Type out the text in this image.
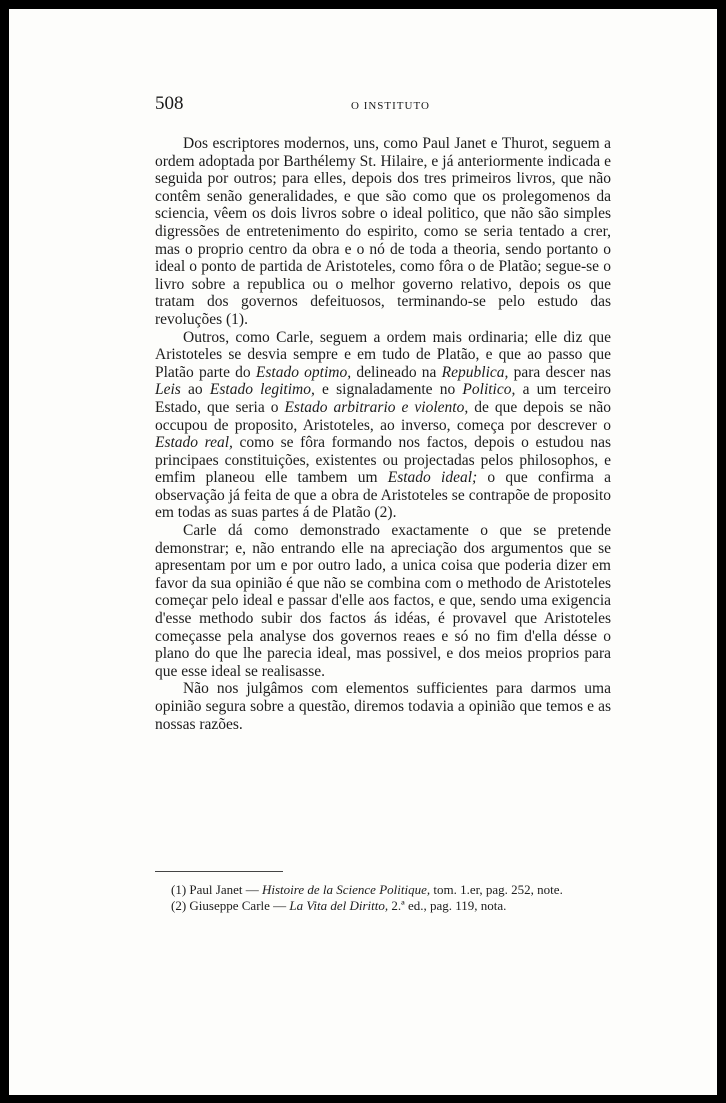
508	O INSTITUTO

Dos escriptores modernos, uns, como Paul Janet e Thurot, seguem a ordem adoptada por Barthélemy St. Hilaire, e já anteriormente indicada e seguida por outros; para elles, depois dos tres primeiros livros, que não contêm senão generalidades, e que são como que os prolegomenos da sciencia, vêem os dois livros sobre o ideal politico, que não são simples digressões de entretenimento do espirito, como se seria tentado a crer, mas o proprio centro da obra e o nó de toda a theoria, sendo portanto o ideal o ponto de partida de Aristoteles, como fôra o de Platão; segue-se o livro sobre a republica ou o melhor governo relativo, depois os que tratam dos governos defeituosos, terminando-se pelo estudo das revoluções (1).

Outros, como Carle, seguem a ordem mais ordinaria; elle diz que Aristoteles se desvia sempre e em tudo de Platão, e que ao passo que Platão parte do Estado optimo, delineado na Republica, para descer nas Leis ao Estado legitimo, e signaladamente no Politico, a um terceiro Estado, que seria o Estado arbitrario e violento, de que depois se não occupou de proposito, Aristoteles, ao inverso, começa por descrever o Estado real, como se fôra formando nos factos, depois o estudou nas principaes constituições, existentes ou projectadas pelos philosophos, e emfim planeou elle tambem um Estado ideal; o que confirma a observação já feita de que a obra de Aristoteles se contrapõe de proposito em todas as suas partes á de Platão (2).

Carle dá como demonstrado exactamente o que se pretende demonstrar; e, não entrando elle na apreciação dos argumentos que se apresentam por um e por outro lado, a unica coisa que poderia dizer em favor da sua opinião é que não se combina com o methodo de Aristoteles começar pelo ideal e passar d'elle aos factos, e que, sendo uma exigencia d'esse methodo subir dos factos ás idéas, é provavel que Aristoteles começasse pela analyse dos governos reaes e só no fim d'ella désse o plano do que lhe parecia ideal, mas possivel, e dos meios proprios para que esse ideal se realisasse.

Não nos julgâmos com elementos sufficientes para darmos uma opinião segura sobre a questão, diremos todavia a opinião que temos e as nossas razões.

(1) Paul Janet — Histoire de la Science Politique, tom. 1.er, pag. 252, note.

(2) Giuseppe Carle — La Vita del Diritto, 2.ª ed., pag. 119, nota.
